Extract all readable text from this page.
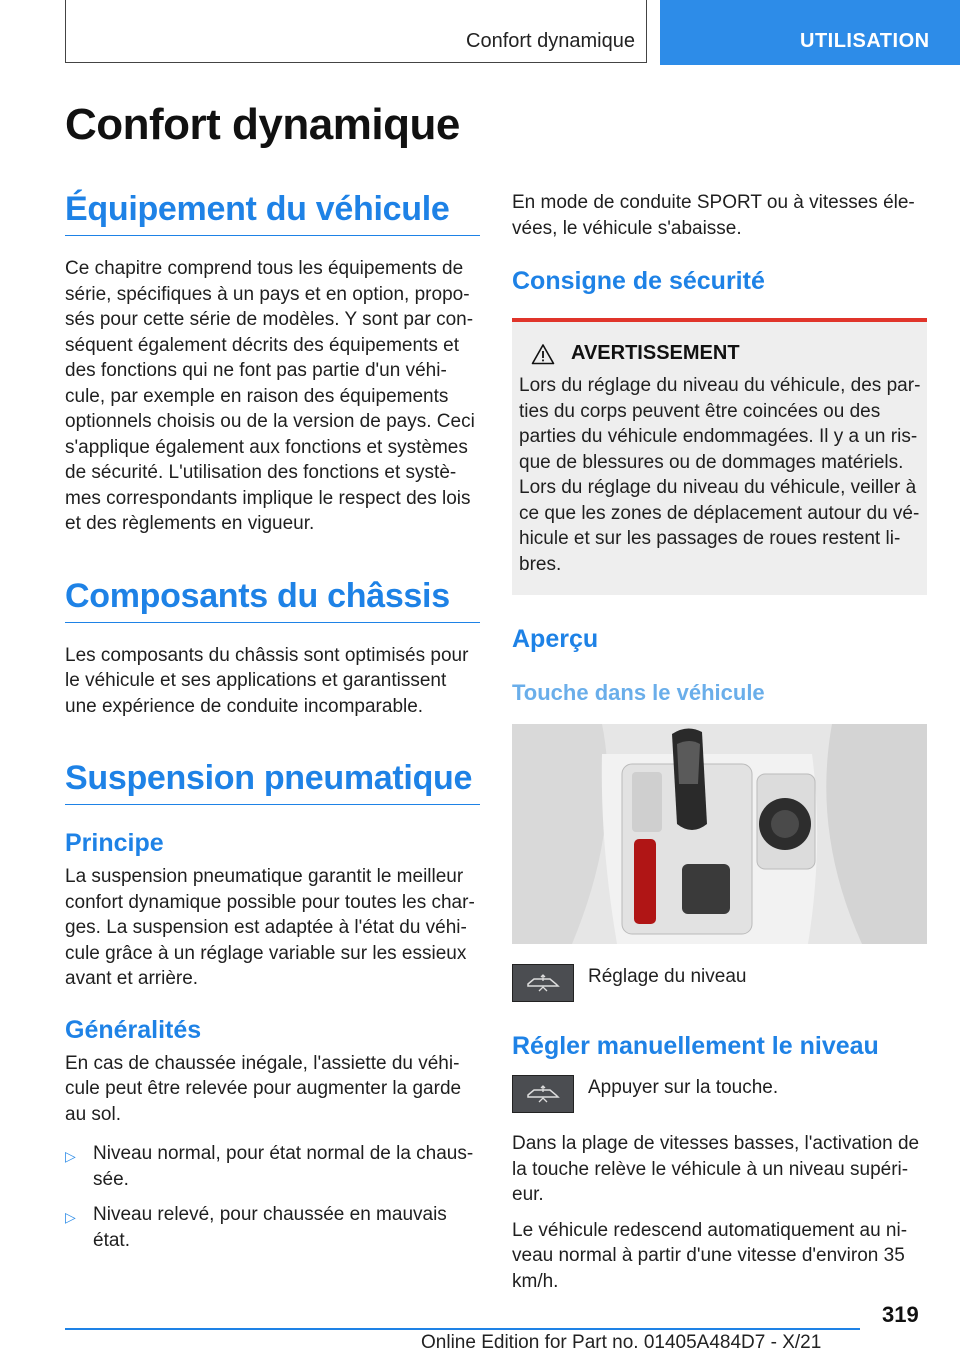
Confort dynamique	UTILISATION
Confort dynamique
Équipement du véhicule

Ce chapitre comprend tous les équipements de série, spécifiques à un pays et en option, proposés pour cette série de modèles. Y sont par conséquent également décrits des équipements et des fonctions qui ne font pas partie d'un véhicule, par exemple en raison des équipements optionnels choisis ou de la version de pays. Ceci s'applique également aux fonctions et systèmes de sécurité. L'utilisation des fonctions et systèmes correspondants implique le respect des lois et des règlements en vigueur.

Composants du châssis

Les composants du châssis sont optimisés pour le véhicule et ses applications et garantissent une expérience de conduite incomparable.

Suspension pneumatique
Principe

La suspension pneumatique garantit le meilleur confort dynamique possible pour toutes les charges. La suspension est adaptée à l'état du véhicule grâce à un réglage variable sur les essieux avant et arrière.

Généralités

En cas de chaussée inégale, l'assiette du véhicule peut être relevée pour augmenter la garde au sol.

▷ Niveau normal, pour état normal de la chaussée.
▷ Niveau relevé, pour chaussée en mauvais état.

En mode de conduite SPORT ou à vitesses élevées, le véhicule s'abaisse.

Consigne de sécurité
AVERTISSEMENT

Lors du réglage du niveau du véhicule, des parties du corps peuvent être coincées ou des parties du véhicule endommagées. Il y a un risque de blessures ou de dommages matériels. Lors du réglage du niveau du véhicule, veiller à ce que les zones de déplacement autour du véhicule et sur les passages de roues restent libres.

Aperçu
Touche dans le véhicule
Réglage du niveau
Régler manuellement le niveau
Appuyer sur la touche.

Dans la plage de vitesses basses, l'activation de la touche relève le véhicule à un niveau supérieur.

Le véhicule redescend automatiquement au niveau normal à partir d'une vitesse d'environ 35 km/h.

319
Online Edition for Part no. 01405A484D7 - X/21
